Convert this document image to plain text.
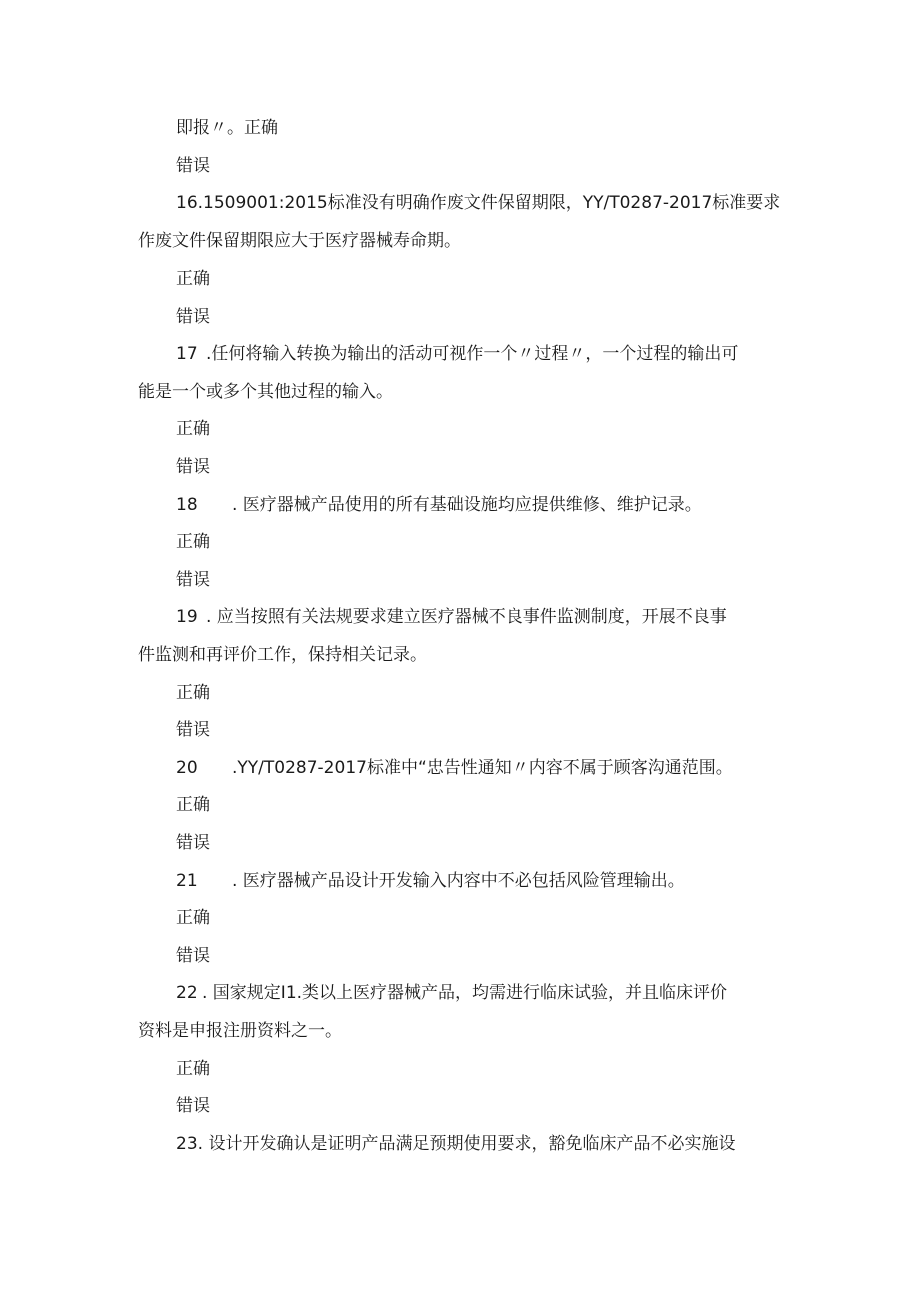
即报〃。正确
错误
16.1509001:2015标准没有明确作废文件保留期限，YY/T0287-2017标准要求
作废文件保留期限应大于医疗器械寿命期。
正确
错误
17 .任何将输入转换为输出的活动可视作一个〃过程〃，一个过程的输出可
能是一个或多个其他过程的输入。
正确
错误
18 . 医疗器械产品使用的所有基础设施均应提供维修、维护记录。
正确
错误
19 . 应当按照有关法规要求建立医疗器械不良事件监测制度，开展不良事
件监测和再评价工作，保持相关记录。
正确
错误
20 .YY/T0287-2017标准中“忠告性通知〃内容不属于顾客沟通范围。
正确
错误
21 . 医疗器械产品设计开发输入内容中不必包括风险管理输出。
正确
错误
22 . 国家规定I1.类以上医疗器械产品，均需进行临床试验，并且临床评价
资料是申报注册资料之一。
正确
错误
23. 设计开发确认是证明产品满足预期使用要求，豁免临床产品不必实施设
